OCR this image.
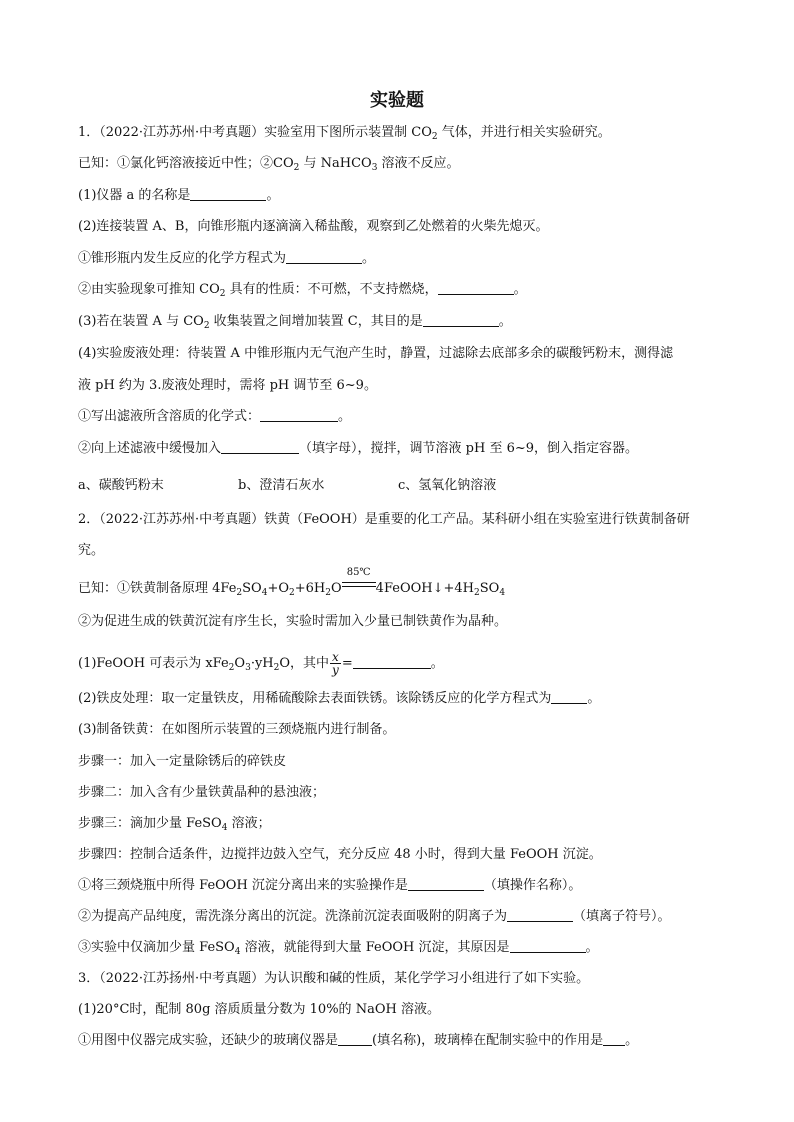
实验题
1．（2022·江苏苏州·中考真题）实验室用下图所示装置制 $CO_2$ 气体，并进行相关实验研究。
已知：①氯化钙溶液接近中性；$②CO_2$ 与 NaHCO$_3$ 溶液不反应。
(1)仪器 a 的名称是	。
(2)连接装置 A、B，向锥形瓶内逐滴滴入稀盐酸，观察到乙处燃着的火柴先熄灭。
①锥形瓶内发生反应的化学方程式为	。
②由实验现象可推知 $CO_2$ 具有的性质：不可燃，不支持燃烧，	。
(3)若在装置 A 与 $CO_2$ 收集装置之间增加装置 C，其目的是	。
(4)实验废液处理：待装置 A 中锥形瓶内无气泡产生时，静置，过滤除去底部多余的碳酸钙粉末，测得滤
液 pH 约为 3.废液处理时，需将 pH 调节至 6~9。
①写出滤液所含溶质的化学式：	。
②向上述滤液中缓慢加入	（填字母），搅拌，调节溶液 pH 至 6~9，倒入指定容器。
a、碳酸钙粉末	b、澄清石灰水	c、氢氧化钠溶液
2．（2022·江苏苏州·中考真题）铁黄（FeOOH）是重要的化工产品。某科研小组在实验室进行铁黄制备研
究。
已知：①铁黄制备原理 $4Fe_2SO_4+O_2+6H_2O$
85℃
$4FeOOH↓+4H_2SO_4$
②为促进生成的铁黄沉淀有序生长，实验时需加入少量已制铁黄作为晶种。
(1)FeOOH 可表示为 $xFe_2O_3\cdot yH_2O$，其中 $\frac{x}{y}$ =	。
(2)铁皮处理：取一定量铁皮，用稀硫酸除去表面铁锈。该除锈反应的化学方程式为	。
(3)制备铁黄：在如图所示装置的三颈烧瓶内进行制备。
步骤一：加入一定量除锈后的碎铁皮
步骤二：加入含有少量铁黄晶种的悬浊液；
步骤三：滴加少量 FeSO$_4$ 溶液；
步骤四：控制合适条件，边搅拌边鼓入空气，充分反应 48 小时，得到大量 FeOOH 沉淀。
①将三颈烧瓶中所得 FeOOH 沉淀分离出来的实验操作是	（填操作名称）。
②为提高产品纯度，需洗涤分离出的沉淀。洗涤前沉淀表面吸附的阴离子为	（填离子符号）。
③实验中仅滴加少量 FeSO$_4$ 溶液，就能得到大量 FeOOH 沉淀，其原因是	。
3．（2022·江苏扬州·中考真题）为认识酸和碱的性质，某化学学习小组进行了如下实验。
(1)20°C时，配制 80g 溶质质量分数为 10%的 NaOH 溶液。
①用图中仪器完成实验，还缺少的玻璃仪器是	(填名称)，玻璃棒在配制实验中的作用是 。
